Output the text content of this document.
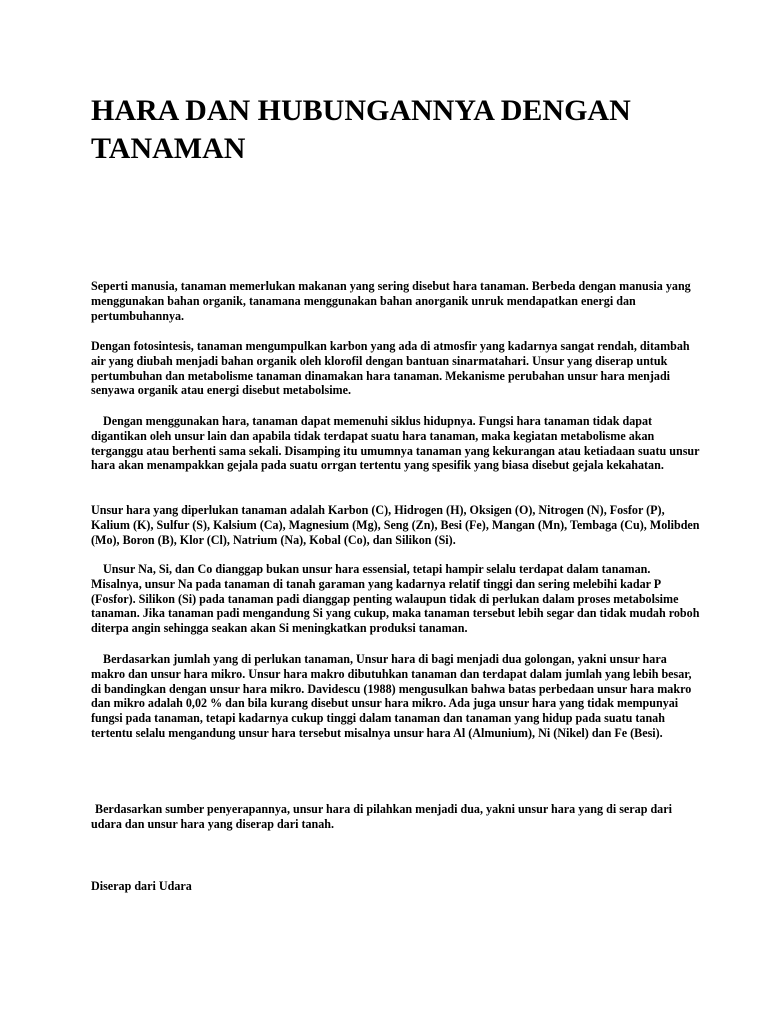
HARA DAN HUBUNGANNYA DENGAN TANAMAN

Seperti manusia, tanaman memerlukan makanan yang sering disebut hara tanaman. Berbeda dengan manusia yang menggunakan bahan organik, tanamana menggunakan bahan anorganik unruk mendapatkan energi dan pertumbuhannya.

Dengan fotosintesis, tanaman mengumpulkan karbon yang ada di atmosfir yang kadarnya sangat rendah, ditambah air yang diubah menjadi bahan organik oleh klorofil dengan bantuan sinarmatahari. Unsur yang diserap untuk pertumbuhan dan metabolisme tanaman dinamakan hara tanaman. Mekanisme perubahan unsur hara menjadi senyawa organik atau energi disebut metabolsime.

Dengan menggunakan hara, tanaman dapat memenuhi siklus hidupnya. Fungsi hara tanaman tidak dapat digantikan oleh unsur lain dan apabila tidak terdapat suatu hara tanaman, maka kegiatan metabolisme akan terganggu atau berhenti sama sekali. Disamping itu umumnya tanaman yang kekurangan atau ketiadaan suatu unsur hara akan menampakkan gejala pada suatu orrgan tertentu yang spesifik yang biasa disebut gejala kekahatan.

Unsur hara yang diperlukan tanaman adalah Karbon (C), Hidrogen (H), Oksigen (O), Nitrogen (N), Fosfor (P), Kalium (K), Sulfur (S), Kalsium (Ca), Magnesium (Mg), Seng (Zn), Besi (Fe), Mangan (Mn), Tembaga (Cu), Molibden (Mo), Boron (B), Klor (Cl), Natrium (Na), Kobal (Co), dan Silikon (Si).

Unsur Na, Si, dan Co dianggap bukan unsur hara essensial, tetapi hampir selalu terdapat dalam tanaman. Misalnya, unsur Na pada tanaman di tanah garaman yang kadarnya relatif tinggi dan sering melebihi kadar P (Fosfor). Silikon (Si) pada tanaman padi dianggap penting walaupun tidak di perlukan dalam proses metabolsime tanaman. Jika tanaman padi mengandung Si yang cukup, maka tanaman tersebut lebih segar dan tidak mudah roboh diterpa angin sehingga seakan akan Si meningkatkan produksi tanaman.

Berdasarkan jumlah yang di perlukan tanaman, Unsur hara di bagi menjadi dua golongan, yakni unsur hara makro dan unsur hara mikro. Unsur hara makro dibutuhkan tanaman dan terdapat dalam jumlah yang lebih besar, di bandingkan dengan unsur hara mikro. Davidescu (1988) mengusulkan bahwa batas perbedaan unsur hara makro dan mikro adalah 0,02 % dan bila kurang disebut unsur hara mikro. Ada juga unsur hara yang tidak mempunyai fungsi pada tanaman, tetapi kadarnya cukup tinggi dalam tanaman dan tanaman yang hidup pada suatu tanah tertentu selalu mengandung unsur hara tersebut misalnya unsur hara Al (Almunium), Ni (Nikel) dan Fe (Besi).

Berdasarkan sumber penyerapannya, unsur hara di pilahkan menjadi dua, yakni unsur hara yang di serap dari udara dan unsur hara yang diserap dari tanah.

Diserap dari Udara
